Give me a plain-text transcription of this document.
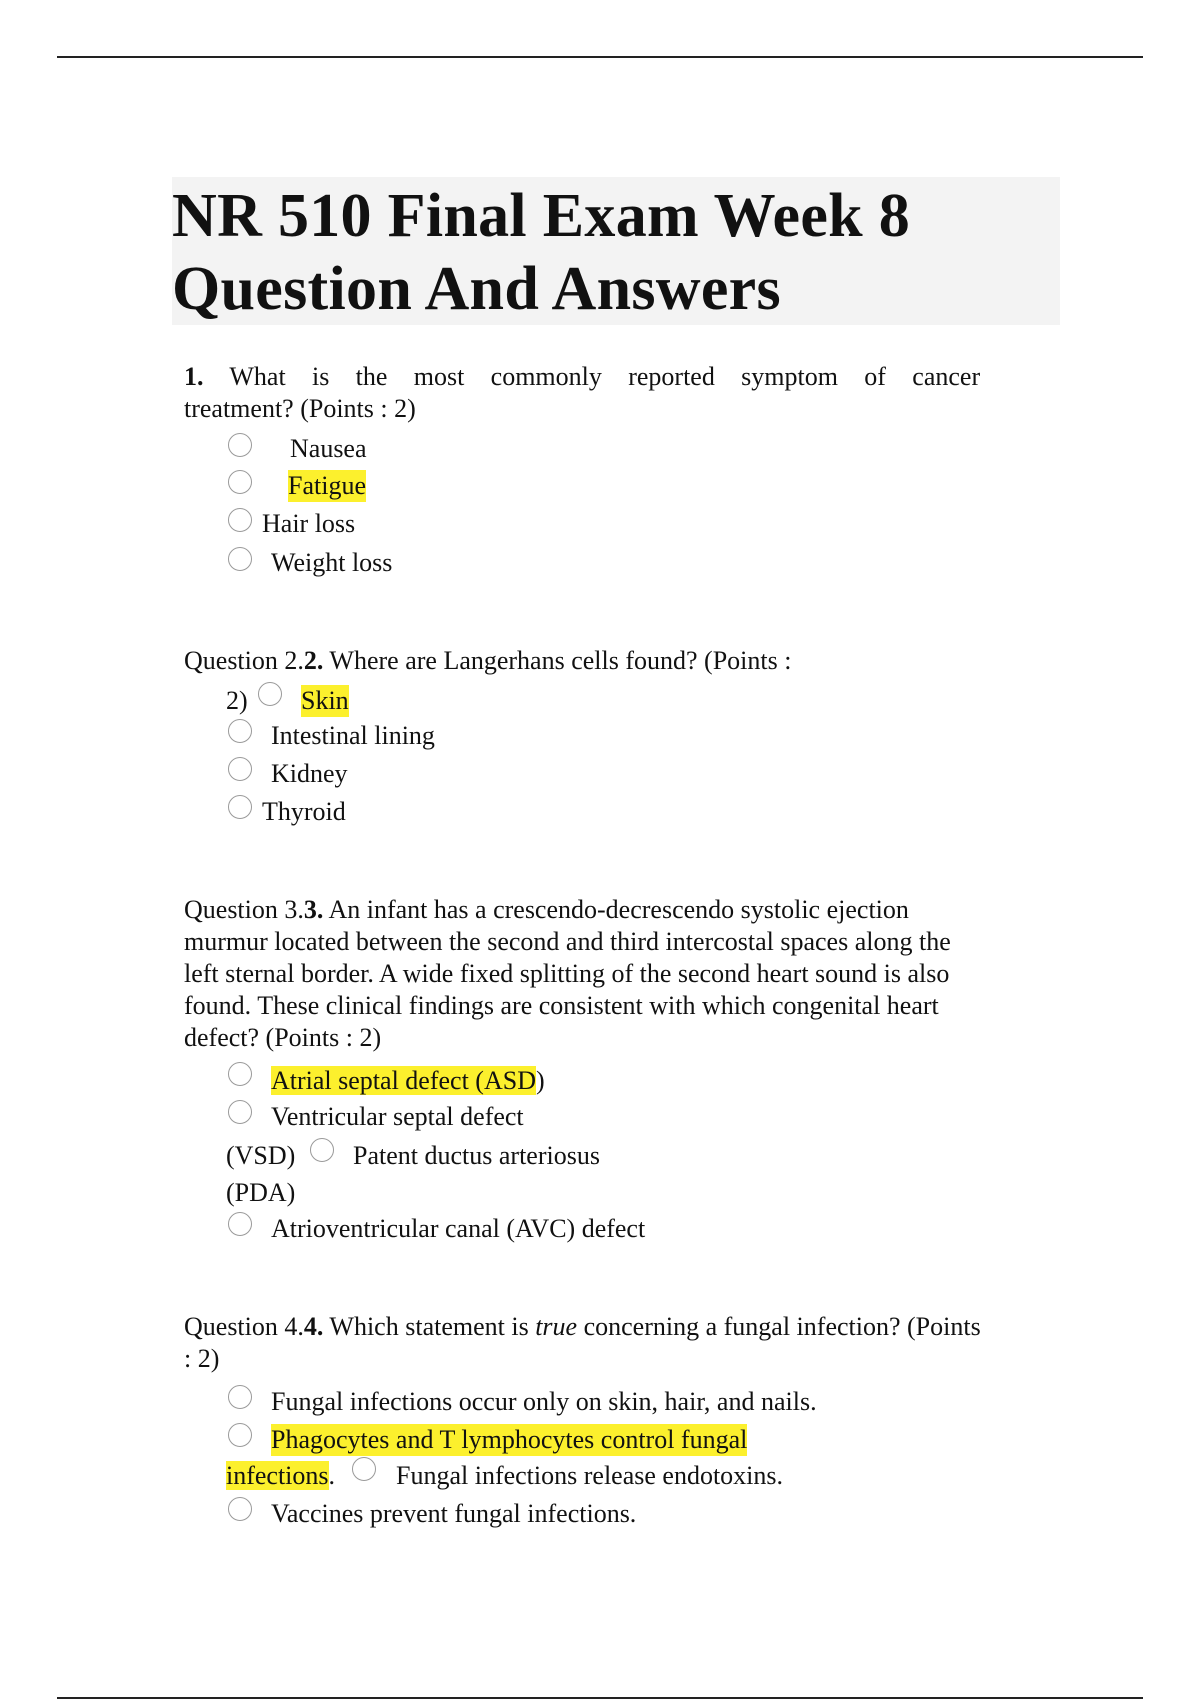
NR 510 Final Exam Week 8
Question And Answers
1. What is the most commonly reported symptom of cancer
treatment? (Points : 2)
Nausea
Fatigue
Hair loss
Weight loss
Question 2.2. Where are Langerhans cells found? (Points :
2) Skin
Intestinal lining
Kidney
Thyroid
Question 3.3. An infant has a crescendo-decrescendo systolic ejection
murmur located between the second and third intercostal spaces along the
left sternal border. A wide fixed splitting of the second heart sound is also
found. These clinical findings are consistent with which congenital heart
defect? (Points : 2)
Atrial septal defect (ASD)
Ventricular septal defect
(VSD) Patent ductus arteriosus
(PDA)
Atrioventricular canal (AVC) defect
Question 4.4. Which statement is true concerning a fungal infection? (Points
: 2)
Fungal infections occur only on skin, hair, and nails.
Phagocytes and T lymphocytes control fungal
infections. Fungal infections release endotoxins.
Vaccines prevent fungal infections.
